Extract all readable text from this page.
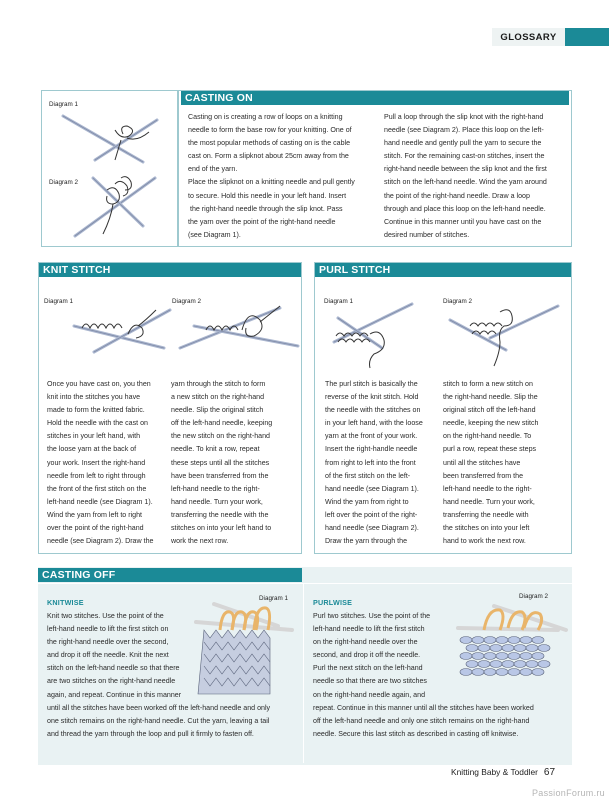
GLOSSARY
CASTING ON
Diagram 1
Diagram 2
Casting on is creating a row of loops on a knitting
needle to form the base row for your knitting. One of
the most popular methods of casting on is the cable
cast on. Form a slipknot about 25cm away from the
end of the yarn.
Place the slipknot on a knitting needle and pull gently
to secure. Hold this needle in your left hand. Insert
the right-hand needle through the slip knot. Pass
the yarn over the point of the right-hand needle
(see Diagram 1).
Pull a loop through the slip knot with the right-hand
needle (see Diagram 2). Place this loop on the left-
hand needle and gently pull the yarn to secure the
stitch. For the remaining cast-on stitches, insert the
right-hand needle between the slip knot and the first
stitch on the left-hand needle. Wind the yarn around
the point of the right-hand needle. Draw a loop
through and place this loop on the left-hand needle.
Continue in this manner until you have cast on the
desired number of stitches.
KNIT STITCH
Diagram 1	Diagram 2
Once you have cast on, you then
knit into the stitches you have
made to form the knitted fabric.
Hold the needle with the cast on
stitches in your left hand, with
the loose yarn at the back of
your work. Insert the right-hand
needle from left to right through
the front of the first stitch on the
left-hand needle (see Diagram 1).
Wind the yarn from left to right
over the point of the right-hand
needle (see Diagram 2). Draw the
yarn through the stitch to form
a new stitch on the right-hand
needle. Slip the original stitch
off the left-hand needle, keeping
the new stitch on the right-hand
needle. To knit a row, repeat
these steps until all the stitches
have been transferred from the
left-hand needle to the right-
hand needle. Turn your work,
transferring the needle with the
stitches on into your left hand to
work the next row.
PURL STITCH
Diagram 1	Diagram 2
The purl stitch is basically the
reverse of the knit stitch. Hold
the needle with the stitches on
in your left hand, with the loose
yarn at the front of your work.
Insert the right-handle needle
from right to left into the front
of the first stitch on the left-
hand needle (see Diagram 1).
Wind the yarn from right to
left over the point of the right-
hand needle (see Diagram 2).
Draw the yarn through the
stitch to form a new stitch on
the right-hand needle. Slip the
original stitch off the left-hand
needle, keeping the new stitch
on the right-hand needle. To
purl a row, repeat these steps
until all the stitches have
been transferred from the
left-hand needle to the right-
hand needle. Turn your work,
transferring the needle with
the stitches on into your left
hand to work the next row.
CASTING OFF
KNITWISE	Diagram 1
Knit two stitches. Use the point of the
left-hand needle to lift the first stitch on
the right-hand needle over the second,
and drop it off the needle. Knit the next
stitch on the left-hand needle so that there
are two stitches on the right-hand needle
again, and repeat. Continue in this manner
until all the stitches have been worked off the left-hand needle and only
one stitch remains on the right-hand needle. Cut the yarn, leaving a tail
and thread the yarn through the loop and pull it firmly to fasten off.
PURLWISE
Diagram 2
Purl two stitches. Use the point of the
left-hand needle to lift the first stitch
on the right-hand needle over the
second, and drop it off the needle.
Purl the next stitch on the left-hand
needle so that there are two stitches
on the right-hand needle again, and
repeat. Continue in this manner until all the stitches have been worked
off the left-hand needle and only one stitch remains on the right-hand
needle. Secure this last stitch as described in casting off knitwise.
Knitting Baby & Toddler 67
PassionForum.ru
